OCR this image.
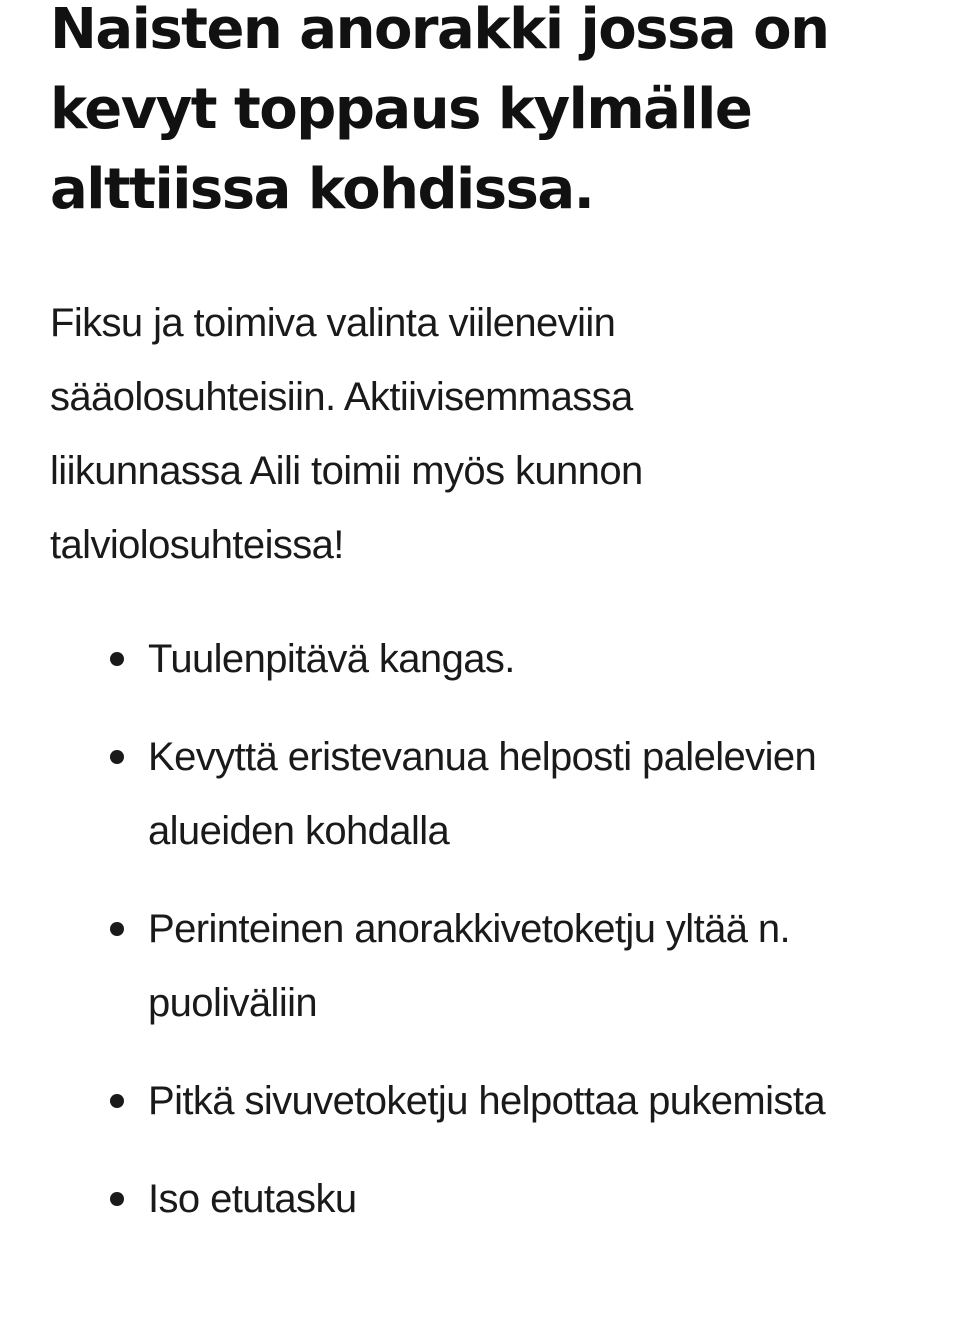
Naisten anorakki jossa on kevyt toppaus kylmälle alttiissa kohdissa.

Fiksu ja toimiva valinta viileneviin sääolosuhteisiin. Aktiivisemmassa liikunnassa Aili toimii myös kunnon talviolosuhteissa!

Tuulenpitävä kangas.
Kevyttä eristevanua helposti palelevien alueiden kohdalla
Perinteinen anorakkivetoketju yltää n. puoliväliin
Pitkä sivuvetoketju helpottaa pukemista
Iso etutasku
